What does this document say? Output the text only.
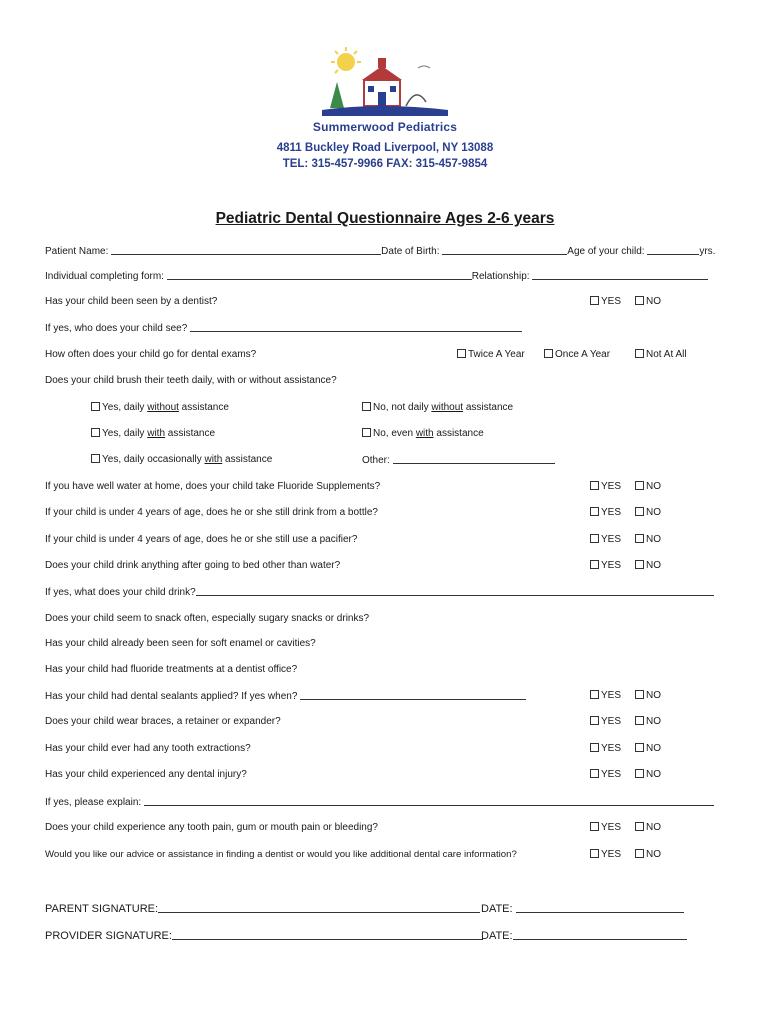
Summerwood Pediatrics
4811 Buckley Road Liverpool, NY 13088
TEL: 315-457-9966 FAX: 315-457-9854
Pediatric Dental Questionnaire Ages 2-6 years
Patient Name:	Date of Birth:	Age of your child:	yrs.
Individual completing form:	Relationship:
Has your child been seen by a dentist?	YES	NO
If yes, who does your child see?
How often does your child go for dental exams?	Twice A Year	Once A Year	Not At All
Does your child brush their teeth daily, with or without assistance?
Yes, daily without assistance	No, not daily without assistance
Yes, daily with assistance	No, even with assistance
Yes, daily occasionally with assistance	Other:
If you have well water at home, does your child take Fluoride Supplements?	YES	NO
If your child is under 4 years of age, does he or she still drink from a bottle?	YES	NO
If your child is under 4 years of age, does he or she still use a pacifier?	YES	NO
Does your child drink anything after going to bed other than water?	YES	NO
If yes, what does your child drink?
Does your child seem to snack often, especially sugary snacks or drinks?
Has your child already been seen for soft enamel or cavities?
Has your child had fluoride treatments at a dentist office?
Has your child had dental sealants applied? If yes when?	YES	NO
Does your child wear braces, a retainer or expander?	YES	NO
Has your child ever had any tooth extractions?	YES	NO
Has your child experienced any dental injury?	YES	NO
If yes, please explain:
Does your child experience any tooth pain, gum or mouth pain or bleeding?	YES	NO
Would you like our advice or assistance in finding a dentist or would you like additional dental care information?	YES	NO
PARENT SIGNATURE:	DATE:
PROVIDER SIGNATURE:	DATE:
